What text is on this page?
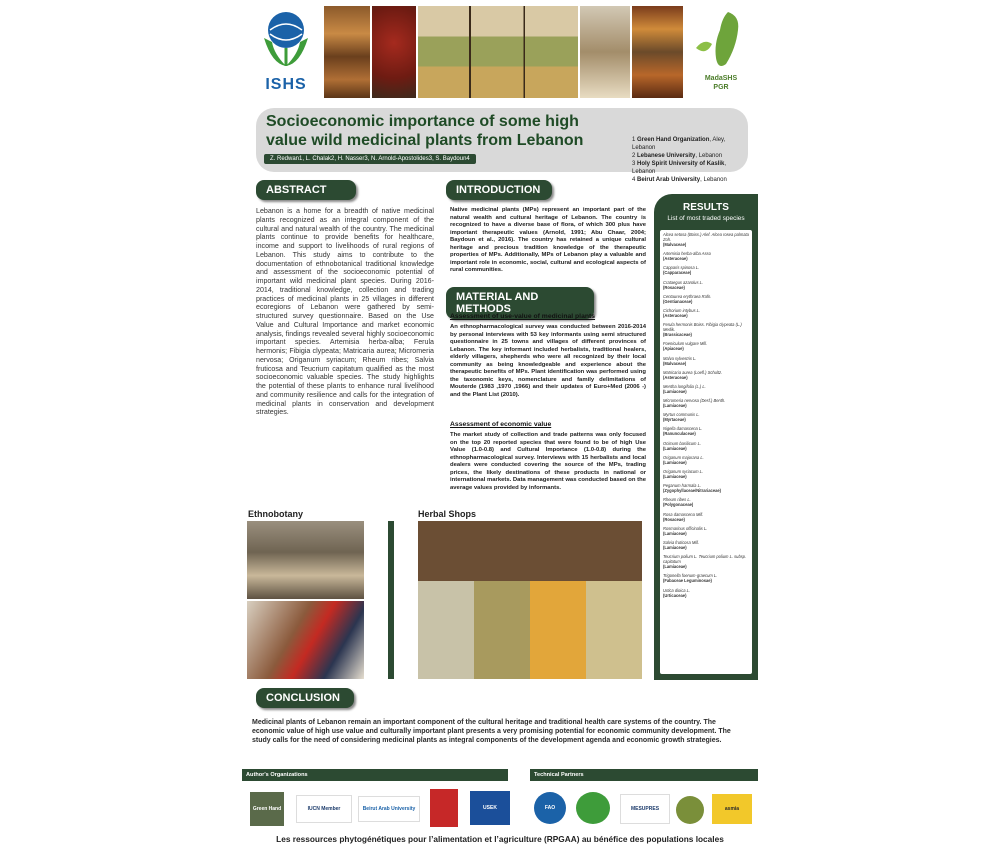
ISHS	MadaSHS
PGR
Socioeconomic importance of some high value wild medicinal plants from Lebanon
Z. Redwan1, L. Chalak2, H. Nasser3, N. Arnold-Apostolides3, S. Baydoun4
1 Green Hand Organization, Aley, Lebanon
2 Lebanese University, Lebanon
3 Holy Spirit University of Kaslik, Lebanon
4 Beirut Arab University, Lebanon
ABSTRACT
Lebanon is a home for a breadth of native medicinal plants recognized as an integral component of the cultural and natural wealth of the country. The medicinal plants continue to provide benefits for healthcare, income and support to livelihoods of rural regions of Lebanon. This study aims to contribute to the documentation of ethnobotanical traditional knowledge and assessment of the socioeconomic potential of important wild medicinal plant species. During 2016-2014, traditional knowledge, collection and trading practices of medicinal plants in 25 villages in different ecoregions of Lebanon were gathered by semi-structured survey questionnaire. Based on the Use Value and Cultural Importance and market economic analysis, findings revealed several highly socioeconomic important species. Artemisia herba-alba; Ferula hermonis; Fibigia clypeata; Matricaria aurea; Micromeria nervosa; Origanum syriacum; Rheum ribes; Salvia fruticosa and Teucrium capitatum qualified as the most socioeconomic valuable species. The study highlights the potential of these plants to enhance rural livelihood and community resilience and calls for the integration of medicinal plants in conservation and development strategies.
INTRODUCTION
Native medicinal plants (MPs) represent an important part of the natural wealth and cultural heritage of Lebanon. The country is recognized to have a diverse base of flora, of which 300 plus have important therapeutic values (Arnold, 1991; Abu Chaar, 2004; Baydoun et al., 2016). The country has retained a unique cultural heritage and precious tradition knowledge of the therapeutic properties of MPs. Additionally, MPs of Lebanon play a valuable and important role in economic, social, cultural and ecological aspects of rural communities.
MATERIAL AND METHODS
Assessment of use-value of medicinal plants
An ethnopharmacological survey was conducted between 2016-2014 by personal interviews with 53 key informants using semi structured questionnaire in 25 towns and villages of different provinces of Lebanon. The key informant included herbalists, traditional healers, elderly villagers, shepherds who were all recognized by their local community as being knowledgeable and experience about the therapeutic benefits of MPs. Plant identification was performed using the taxonomic keys, nomenclature and family delimitations of Mouterde (1983 ,1970 ,1966) and their updates of Euro+Med (2006 -) and the Plant List (2010).
Assessment of economic value
The market study of collection and trade patterns was only focused on the top 20 reported species that were found to be of high Use Value (1.0-0.8) and Cultural Importance (1.0-0.8) during the ethnopharmacological survey. Interviews with 15 herbalists and local dealers were conducted covering the source of the MPs, trading prices, the likely destinations of these products in national or international markets. Data management was conducted based on the average values provided by informants.
RESULTS
List of most traded species
Alcea setosa (Boiss.) Alef. Alcea rosea palmata Zoh.
(Malvaceae)
Artemisia herba-alba Asso
(Asteraceae)
Capparis spinosa L.
(Capparaceae)
Crataegus azarolus L.
(Rosaceae)
Centaurea erythraea Rafn.
(Gentianaceae)
Cichorium intybus L.
(Asteraceae)
Ferula hermonis Boiss. Fibigia clypeata (L.) Medik.
(Brassicaceae)
Foeniculum vulgare Mill.
(Apiaceae)
Malva sylvestris L.
(Malvaceae)
Matricaria aurea (Loefl.) Schultz.
(Asteraceae)
Mentha longifolia (L.) L.
(Lamiaceae)
Micromeria nervosa (Desf.) Benth.
(Lamiaceae)
Myrtus communis L.
(Myrtaceae)
Nigella damascena L.
(Ranunculaceae)
Ocimum basilicum L.
(Lamiaceae)
Origanum majorana L.
(Lamiaceae)
Origanum syriacum L.
(Lamiaceae)
Peganum harmala L.
(Zygophyllaceae/Nitrariaceae)
Rheum ribes L.
(Polygonaceae)
Rosa damascena Mill.
(Rosaceae)
Rosmarinus officinalis L.
(Lamiaceae)
Salvia fruticosa Mill.
(Lamiaceae)
Teucrium polium L. Teucrium polium L. subsp. capitatum
(Lamiaceae)
Trigonella foenum-graecum L.
(Fabaceae Leguminosae)
Urtica dioica L.
(Urticaceae)
Ethnobotany	Herbal Shops
CONCLUSION
Medicinal plants of Lebanon remain an important component of the cultural heritage and traditional health care systems of the country. The economic value of high use value and culturally important plant presents a very promising potential for economic community development. The study calls for the need of considering medicinal plants as integral components of the development agenda and economic growth strategies.
Author's Organizations	Technical Partners
Green Hand	IUCN Member	Beirut Arab University	USEK	FAO	MESUPRES	asmia
Les ressources phytogénétiques pour l’alimentation et l’agriculture (RPGAA) au bénéfice des populations locales
